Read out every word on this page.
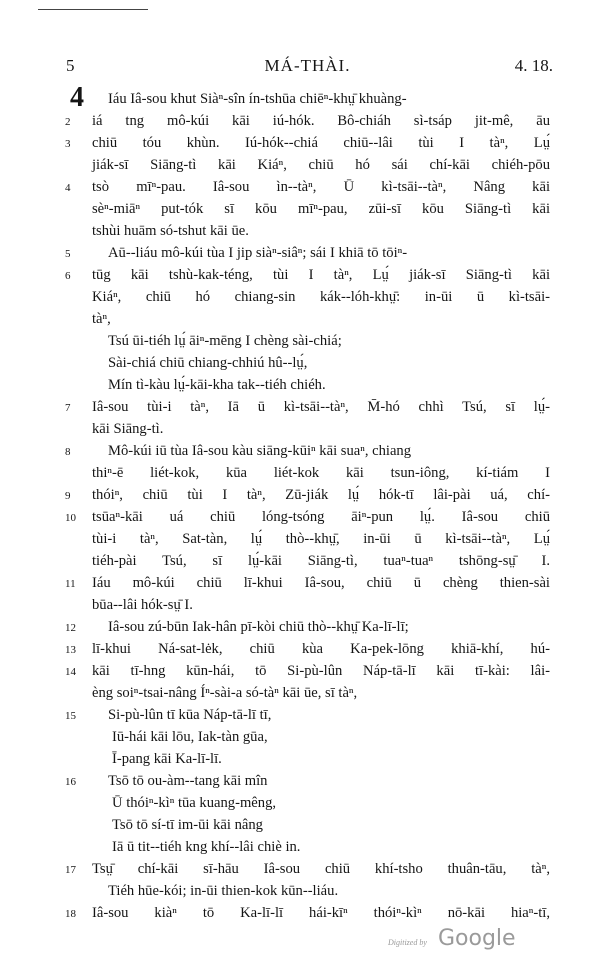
5	MÁ-THÀI.	4. 18.
4 Iáu Iâ-sou khut Siàⁿ-sîn ín-tshūa chiēⁿ-khṳ̄ khuàng-
2	iá tng mô-kúi kāi iú-hók. Bô-chiáh sì-tsáp jit-mê, āu
3	chiū tóu khùn. Iú-hók--chiá chiū--lâi tùi I tàⁿ, Lṳ́
jiák-sī Siāng-tì kāi Kiáⁿ, chiū hó sái chí-kāi chiéh-pōu
4	tsò mīⁿ-pau. Iâ-sou ìn--tàⁿ, Ū kì-tsāi--tàⁿ, Nâng kāi
sèⁿ-miāⁿ put-tók sī kōu mīⁿ-pau, zūi-sī kōu Siāng-tì kāi
tshùi huām só-tshut kāi ūe.
5	Aū--liáu mô-kúi tùa I jip siàⁿ-siâⁿ; sái I khiā tō tōiⁿ-
6	tūg kāi tshù-kak-téng, tùi I tàⁿ, Lṳ́ jiák-sī Siāng-tì kāi
Kiáⁿ, chiū hó chiang-sin kák--lóh-khṳ̄: in-ūi ū kì-tsāi-
tàⁿ,
Tsú ūi-tiéh lṳ́ āiⁿ-mēng I chèng sài-chiá;
Sài-chiá chiū chiang-chhiú hû--lṳ́,
Mín tì-kàu lṳ́-kāi-kha tak--tiéh chiéh.
7	Iâ-sou tùi-i tàⁿ, Iā ū kì-tsāi--tàⁿ, M̄-hó chhì Tsú, sī lṳ́-
kāi Siāng-tì.
8	Mô-kúi iū tùa Iâ-sou kàu siāng-kūiⁿ kāi suaⁿ, chiang
thiⁿ-ē liét-kok, kūa liét-kok kāi tsun-iông, kí-tiám I
9	thóiⁿ, chiū tùi I tàⁿ, Zū-jiák lṳ́ hók-tī lâi-pài uá, chí-
10	tsūaⁿ-kāi uá chiū lóng-tsóng āiⁿ-pun lṳ́. Iâ-sou chiū
tùi-i tàⁿ, Sat-tàn, lṳ́ thò--khṳ̄, in-ūi ū kì-tsāi--tàⁿ, Lṳ́
tiéh-pài Tsú, sī lṳ́-kāi Siāng-tì, tuaⁿ-tuaⁿ tshōng-sṳ̄ I.
11	Iáu mô-kúi chiū lī-khui Iâ-sou, chiū ū chèng thien-sài
būa--lâi hók-sṳ̄ I.
12	Iâ-sou zú-būn Iak-hân pī-kòi chiū thò--khṳ̄ Ka-lī-lī;
13	lī-khui Ná-sat-lėk, chiū kùa Ka-pek-lōng khiā-khí, hú-
14	kāi tī-hng kūn-hái, tō Si-pù-lûn Náp-tā-lī kāi tī-kài: lâi-
èng soiⁿ-tsai-nâng Íⁿ-sài-a só-tàⁿ kāi ūe, sī tàⁿ,
15	Si-pù-lûn tī kūa Náp-tā-lī tī,
Iū-hái kāi lōu, Iak-tàn gūa,
Ī-pang kāi Ka-lī-lī.
16	Tsō tō ou-àm--tang kāi mîn
Ū thóiⁿ-kìⁿ tūa kuang-mêng,
Tsō tō sí-tī im-ūi kāi nâng
Iā ū tit--tiéh kng khí--lâi chiè in.
17	Tsṳ̄ chí-kāi sī-hāu Iâ-sou chiū khí-tsho thuân-tāu, tàⁿ,
Tiéh hūe-kói; in-ūi thien-kok kūn--liáu.
18	Iâ-sou kiàⁿ tō Ka-lī-lī hái-kīⁿ thóiⁿ-kìⁿ nō-kāi hiaⁿ-tī,
Digitized by Google
